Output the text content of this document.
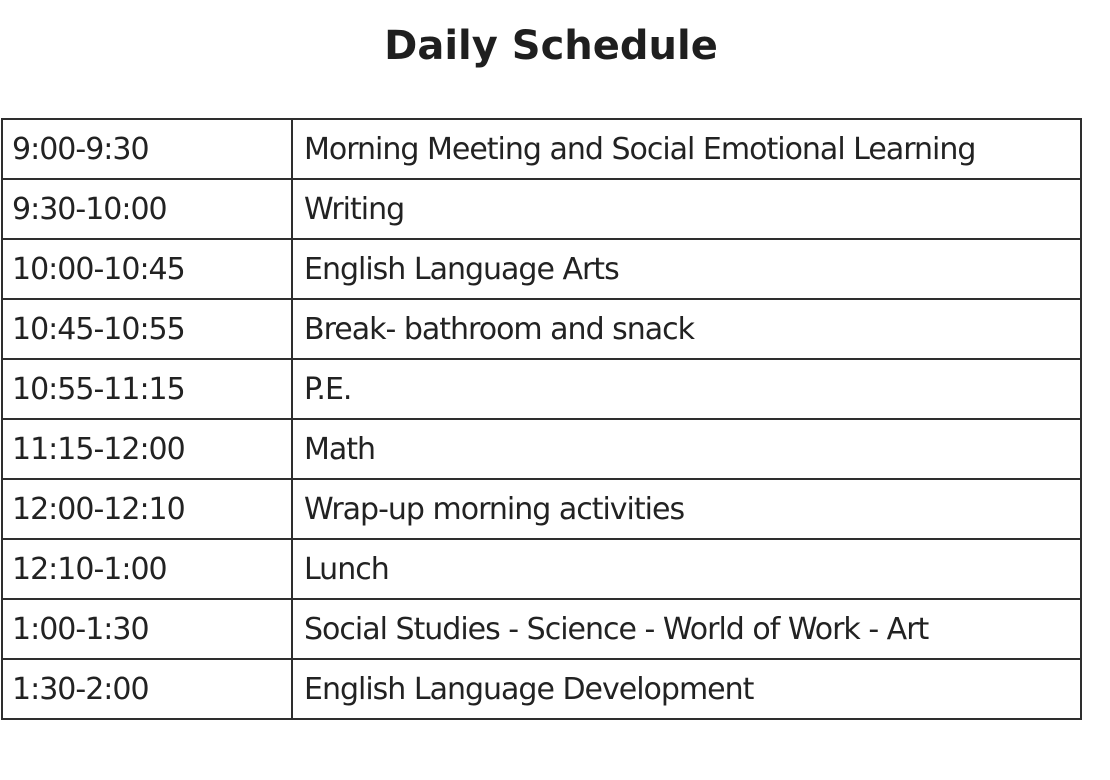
Daily Schedule
9:00-9:30	Morning Meeting and Social Emotional Learning
9:30-10:00	Writing
10:00-10:45	English Language Arts
10:45-10:55	Break- bathroom and snack
10:55-11:15	P.E.
11:15-12:00	Math
12:00-12:10	Wrap-up morning activities
12:10-1:00	Lunch
1:00-1:30	Social Studies - Science - World of Work - Art
1:30-2:00	English Language Development
